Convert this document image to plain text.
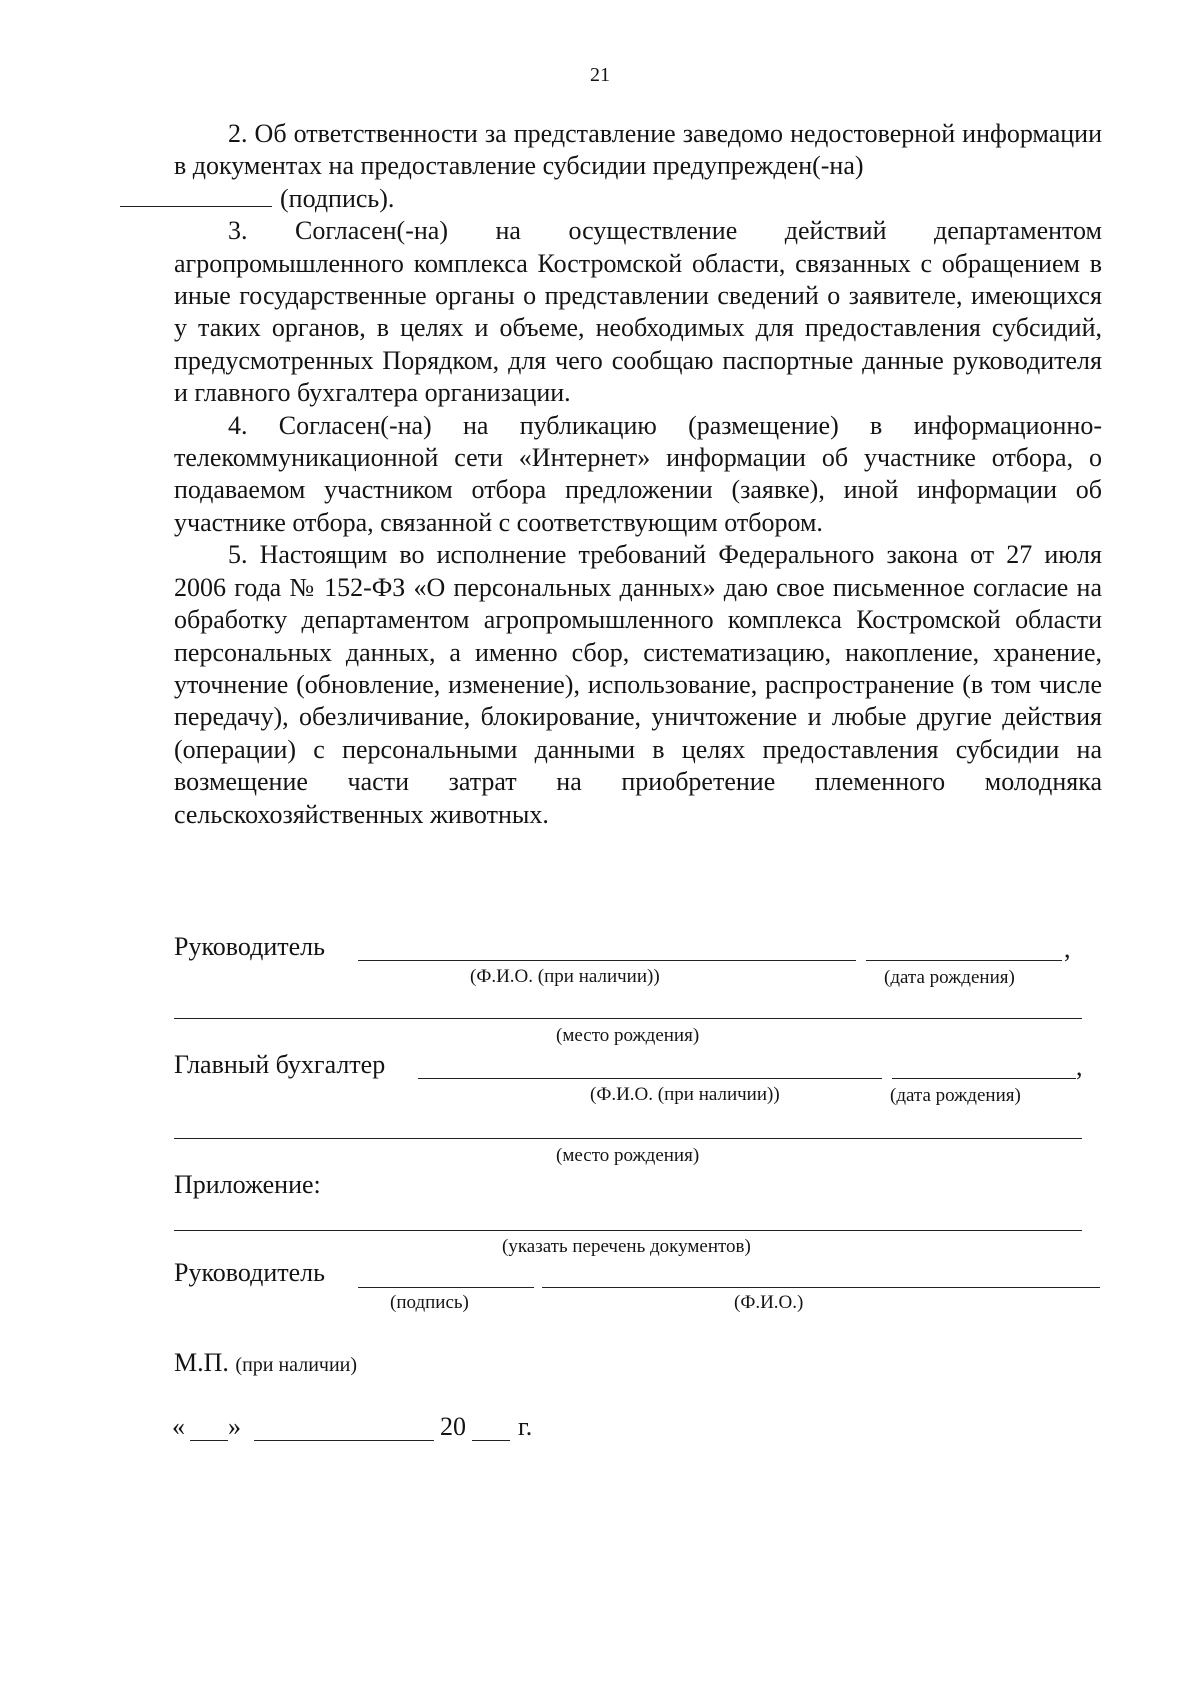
21

2. Об ответственности за представление заведомо недостоверной информации в документах на предоставление субсидии предупрежден(-на)
(подпись).

3. Согласен(-на) на осуществление действий департаментом агропромышленного комплекса Костромской области, связанных с обращением в иные государственные органы о представлении сведений о заявителе, имеющихся у таких органов, в целях и объеме, необходимых для предоставления субсидий, предусмотренных Порядком, для чего сообщаю паспортные данные руководителя и главного бухгалтера организации.

4. Согласен(-на) на публикацию (размещение) в информационно-телекоммуникационной сети «Интернет» информации об участнике отбора, о подаваемом участником отбора предложении (заявке), иной информации об участнике отбора, связанной с соответствующим отбором.

5. Настоящим во исполнение требований Федерального закона от 27 июля 2006 года № 152-ФЗ «О персональных данных» даю свое письменное согласие на обработку департаментом агропромышленного комплекса Костромской области персональных данных, а именно сбор, систематизацию, накопление, хранение, уточнение (обновление, изменение), использование, распространение (в том числе передачу), обезличивание, блокирование, уничтожение и любые другие действия (операции) с персональными данными в целях предоставления субсидии на возмещение части затрат на приобретение племенного молодняка сельскохозяйственных животных.

Руководитель	,
(Ф.И.О. (при наличии))	(дата рождения)
(место рождения)
Главный бухгалтер	,
(Ф.И.О. (при наличии))	(дата рождения)
(место рождения)
Приложение:
(указать перечень документов)
Руководитель
(подпись)	(Ф.И.О.)
М.П. (при наличии)
« »	20 г.
